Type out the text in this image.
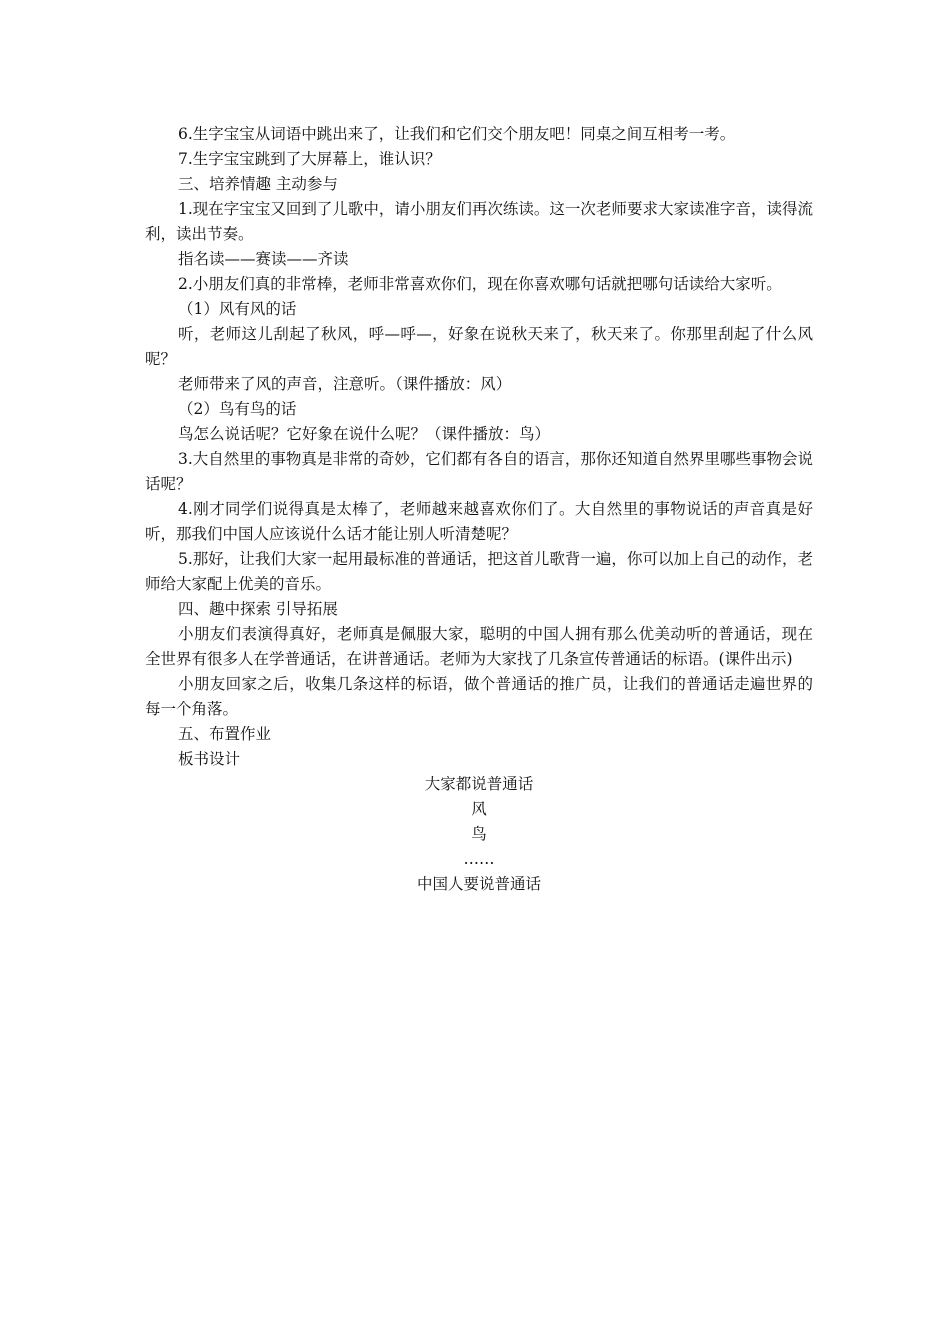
6.生字宝宝从词语中跳出来了，让我们和它们交个朋友吧！同桌之间互相考一考。

7.生字宝宝跳到了大屏幕上，谁认识？

三、培养情趣 主动参与

1.现在字宝宝又回到了儿歌中，请小朋友们再次练读。这一次老师要求大家读准字音，读得流利，读出节奏。

指名读——赛读——齐读

2.小朋友们真的非常棒，老师非常喜欢你们，现在你喜欢哪句话就把哪句话读给大家听。

（1）风有风的话

听，老师这儿刮起了秋风，呼—呼—，好象在说秋天来了，秋天来了。你那里刮起了什么风呢？

老师带来了风的声音，注意听。（课件播放：风）

（2）鸟有鸟的话

鸟怎么说话呢？它好象在说什么呢？（课件播放：鸟）

3.大自然里的事物真是非常的奇妙，它们都有各自的语言，那你还知道自然界里哪些事物会说话呢？

4.刚才同学们说得真是太棒了，老师越来越喜欢你们了。大自然里的事物说话的声音真是好听，那我们中国人应该说什么话才能让别人听清楚呢？

5.那好，让我们大家一起用最标准的普通话，把这首儿歌背一遍，你可以加上自己的动作，老师给大家配上优美的音乐。

四、趣中探索 引导拓展

小朋友们表演得真好，老师真是佩服大家，聪明的中国人拥有那么优美动听的普通话，现在全世界有很多人在学普通话，在讲普通话。老师为大家找了几条宣传普通话的标语。(课件出示)

小朋友回家之后，收集几条这样的标语，做个普通话的推广员，让我们的普通话走遍世界的每一个角落。

五、布置作业

板书设计

大家都说普通话
风
鸟
……
中国人要说普通话
